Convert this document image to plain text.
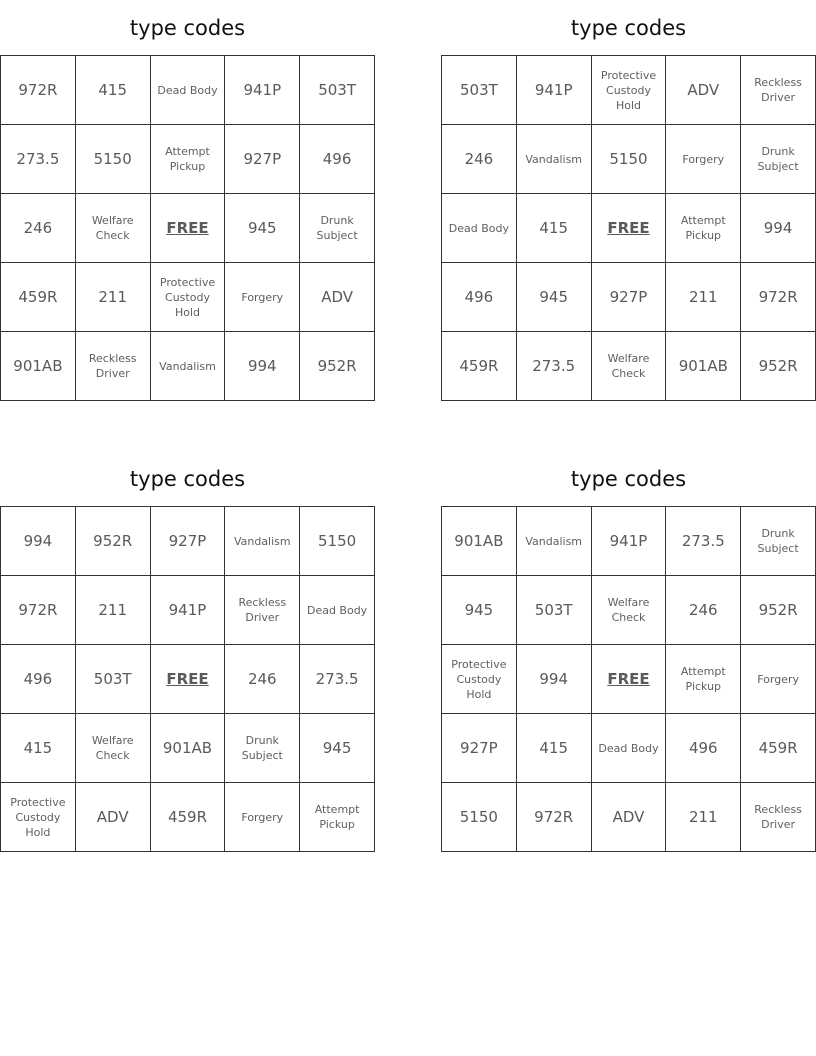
type codes
972R	415	Dead Body	941P	503T
273.5	5150	Attempt Pickup	927P	496
246	Welfare Check	FREE	945	Drunk Subject
459R	211	Protective Custody Hold	Forgery	ADV
901AB	Reckless Driver	Vandalism	994	952R
type codes
503T	941P	Protective Custody Hold	ADV	Reckless Driver
246	Vandalism	5150	Forgery	Drunk Subject
Dead Body	415	FREE	Attempt Pickup	994
496	945	927P	211	972R
459R	273.5	Welfare Check	901AB	952R
type codes
994	952R	927P	Vandalism	5150
972R	211	941P	Reckless Driver	Dead Body
496	503T	FREE	246	273.5
415	Welfare Check	901AB	Drunk Subject	945
Protective Custody Hold	ADV	459R	Forgery	Attempt Pickup
type codes
901AB	Vandalism	941P	273.5	Drunk Subject
945	503T	Welfare Check	246	952R
Protective Custody Hold	994	FREE	Attempt Pickup	Forgery
927P	415	Dead Body	496	459R
5150	972R	ADV	211	Reckless Driver
